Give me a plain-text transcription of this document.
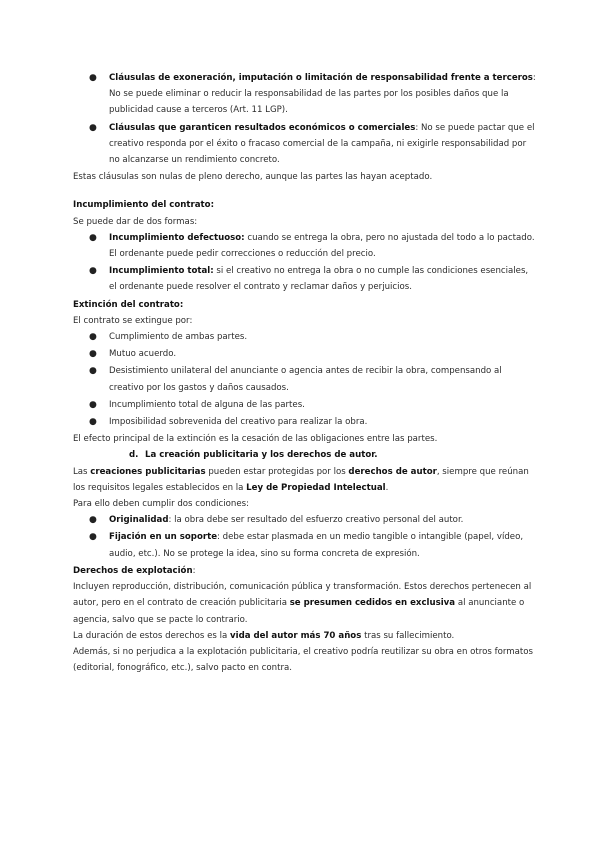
● Cláusulas de exoneración, imputación o limitación de responsabilidad frente a terceros: No se puede eliminar o reducir la responsabilidad de las partes por los posibles daños que la publicidad cause a terceros (Art. 11 LGP).
● Cláusulas que garanticen resultados económicos o comerciales: No se puede pactar que el creativo responda por el éxito o fracaso comercial de la campaña, ni exigirle responsabilidad por no alcanzarse un rendimiento concreto.

Estas cláusulas son nulas de pleno derecho, aunque las partes las hayan aceptado.

Incumplimiento del contrato:

Se puede dar de dos formas:

● Incumplimiento defectuoso: cuando se entrega la obra, pero no ajustada del todo a lo pactado. El ordenante puede pedir correcciones o reducción del precio.
● Incumplimiento total: si el creativo no entrega la obra o no cumple las condiciones esenciales, el ordenante puede resolver el contrato y reclamar daños y perjuicios.

Extinción del contrato:

El contrato se extingue por:

● Cumplimiento de ambas partes.
● Mutuo acuerdo.
● Desistimiento unilateral del anunciante o agencia antes de recibir la obra, compensando al creativo por los gastos y daños causados.
● Incumplimiento total de alguna de las partes.
● Imposibilidad sobrevenida del creativo para realizar la obra.

El efecto principal de la extinción es la cesación de las obligaciones entre las partes.

d. La creación publicitaria y los derechos de autor.

Las creaciones publicitarias pueden estar protegidas por los derechos de autor, siempre que reúnan los requisitos legales establecidos en la Ley de Propiedad Intelectual.

Para ello deben cumplir dos condiciones:

● Originalidad: la obra debe ser resultado del esfuerzo creativo personal del autor.
● Fijación en un soporte: debe estar plasmada en un medio tangible o intangible (papel, vídeo, audio, etc.). No se protege la idea, sino su forma concreta de expresión.

Derechos de explotación:

Incluyen reproducción, distribución, comunicación pública y transformación. Estos derechos pertenecen al autor, pero en el contrato de creación publicitaria se presumen cedidos en exclusiva al anunciante o agencia, salvo que se pacte lo contrario.

La duración de estos derechos es la vida del autor más 70 años tras su fallecimiento.

Además, si no perjudica a la explotación publicitaria, el creativo podría reutilizar su obra en otros formatos (editorial, fonográfico, etc.), salvo pacto en contra.
